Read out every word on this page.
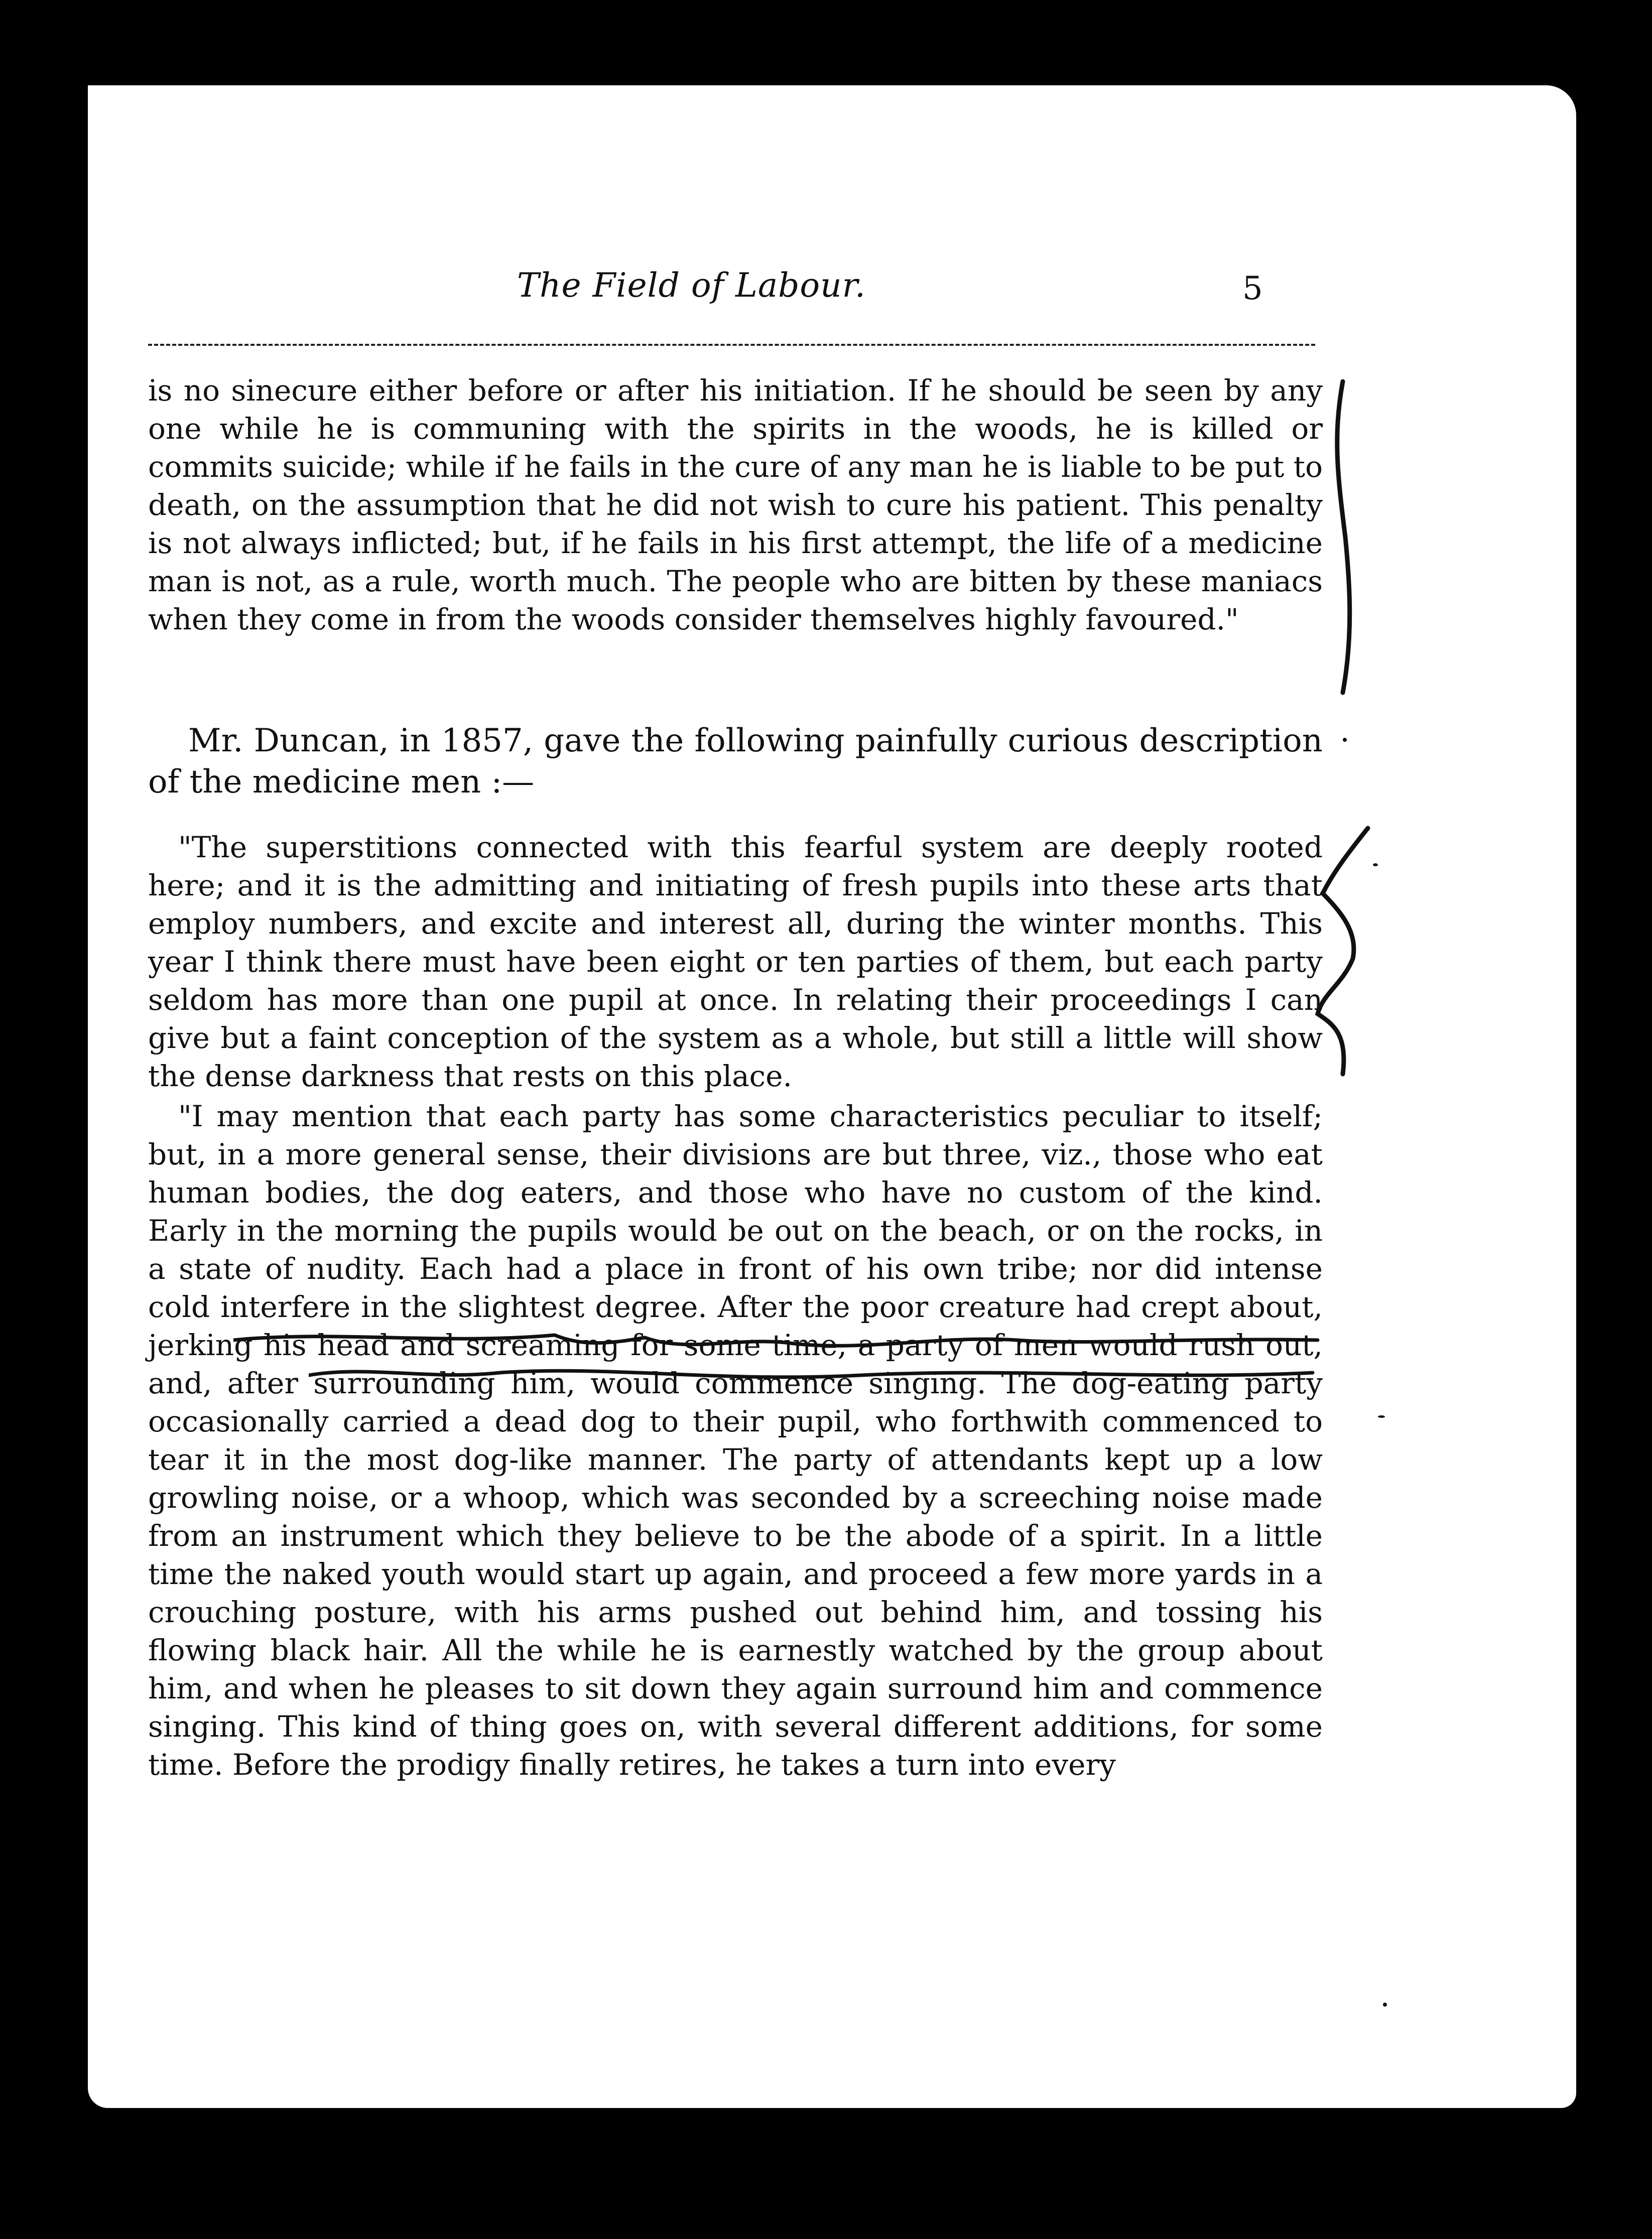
The Field of Labour.	5

is no sinecure either before or after his initiation. If he should be seen by any one while he is communing with the spirits in the woods, he is killed or commits suicide; while if he fails in the cure of any man he is liable to be put to death, on the assumption that he did not wish to cure his patient. This penalty is not always inflicted; but, if he fails in his first attempt, the life of a medicine man is not, as a rule, worth much. The people who are bitten by these maniacs when they come in from the woods consider themselves highly favoured."

Mr. Duncan, in 1857, gave the following painfully curious description of the medicine men :—

"The superstitions connected with this fearful system are deeply rooted here; and it is the admitting and initiating of fresh pupils into these arts that employ numbers, and excite and interest all, during the winter months. This year I think there must have been eight or ten parties of them, but each party seldom has more than one pupil at once. In relating their proceedings I can give but a faint conception of the system as a whole, but still a little will show the dense darkness that rests on this place.

"I may mention that each party has some characteristics peculiar to itself; but, in a more general sense, their divisions are but three, viz., those who eat human bodies, the dog eaters, and those who have no custom of the kind. Early in the morning the pupils would be out on the beach, or on the rocks, in a state of nudity. Each had a place in front of his own tribe; nor did intense cold interfere in the slightest degree. After the poor creature had crept about, jerking his head and screaming for some time, a party of men would rush out, and, after surrounding him, would commence singing. The dog-eating party occasionally carried a dead dog to their pupil, who forthwith commenced to tear it in the most dog-like manner. The party of attendants kept up a low growling noise, or a whoop, which was seconded by a screeching noise made from an instrument which they believe to be the abode of a spirit. In a little time the naked youth would start up again, and proceed a few more yards in a crouching posture, with his arms pushed out behind him, and tossing his flowing black hair. All the while he is earnestly watched by the group about him, and when he pleases to sit down they again surround him and commence singing. This kind of thing goes on, with several different additions, for some time. Before the prodigy finally retires, he takes a turn into every
